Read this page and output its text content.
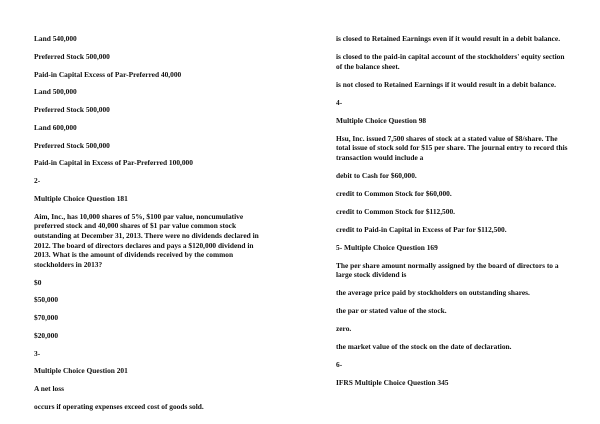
Land 540,000

Preferred Stock 500,000

Paid-in Capital Excess of Par-Preferred 40,000

Land 500,000

Preferred Stock 500,000

Land 600,000

Preferred Stock 500,000

Paid-in Capital in Excess of Par-Preferred 100,000

2-

Multiple Choice Question 181

Aim, Inc., has 10,000 shares of 5%, $100 par value, noncumulative preferred stock and 40,000 shares of $1 par value common stock outstanding at December 31, 2013. There were no dividends declared in 2012. The board of directors declares and pays a $120,000 dividend in 2013. What is the amount of dividends received by the common stockholders in 2013?

$0

$50,000

$70,000

$20,000

3-

Multiple Choice Question 201

A net loss

occurs if operating expenses exceed cost of goods sold.

is closed to Retained Earnings even if it would result in a debit balance.

is closed to the paid-in capital account of the stockholders' equity section of the balance sheet.

is not closed to Retained Earnings if it would result in a debit balance.

4-

Multiple Choice Question 98

Hsu, Inc. issued 7,500 shares of stock at a stated value of $8/share. The total issue of stock sold for $15 per share. The journal entry to record this transaction would include a

debit to Cash for $60,000.

credit to Common Stock for $60,000.

credit to Common Stock for $112,500.

credit to Paid-in Capital in Excess of Par for $112,500.

5- Multiple Choice Question 169

The per share amount normally assigned by the board of directors to a large stock dividend is

the average price paid by stockholders on outstanding shares.

the par or stated value of the stock.

zero.

the market value of the stock on the date of declaration.

6-

IFRS Multiple Choice Question 345
